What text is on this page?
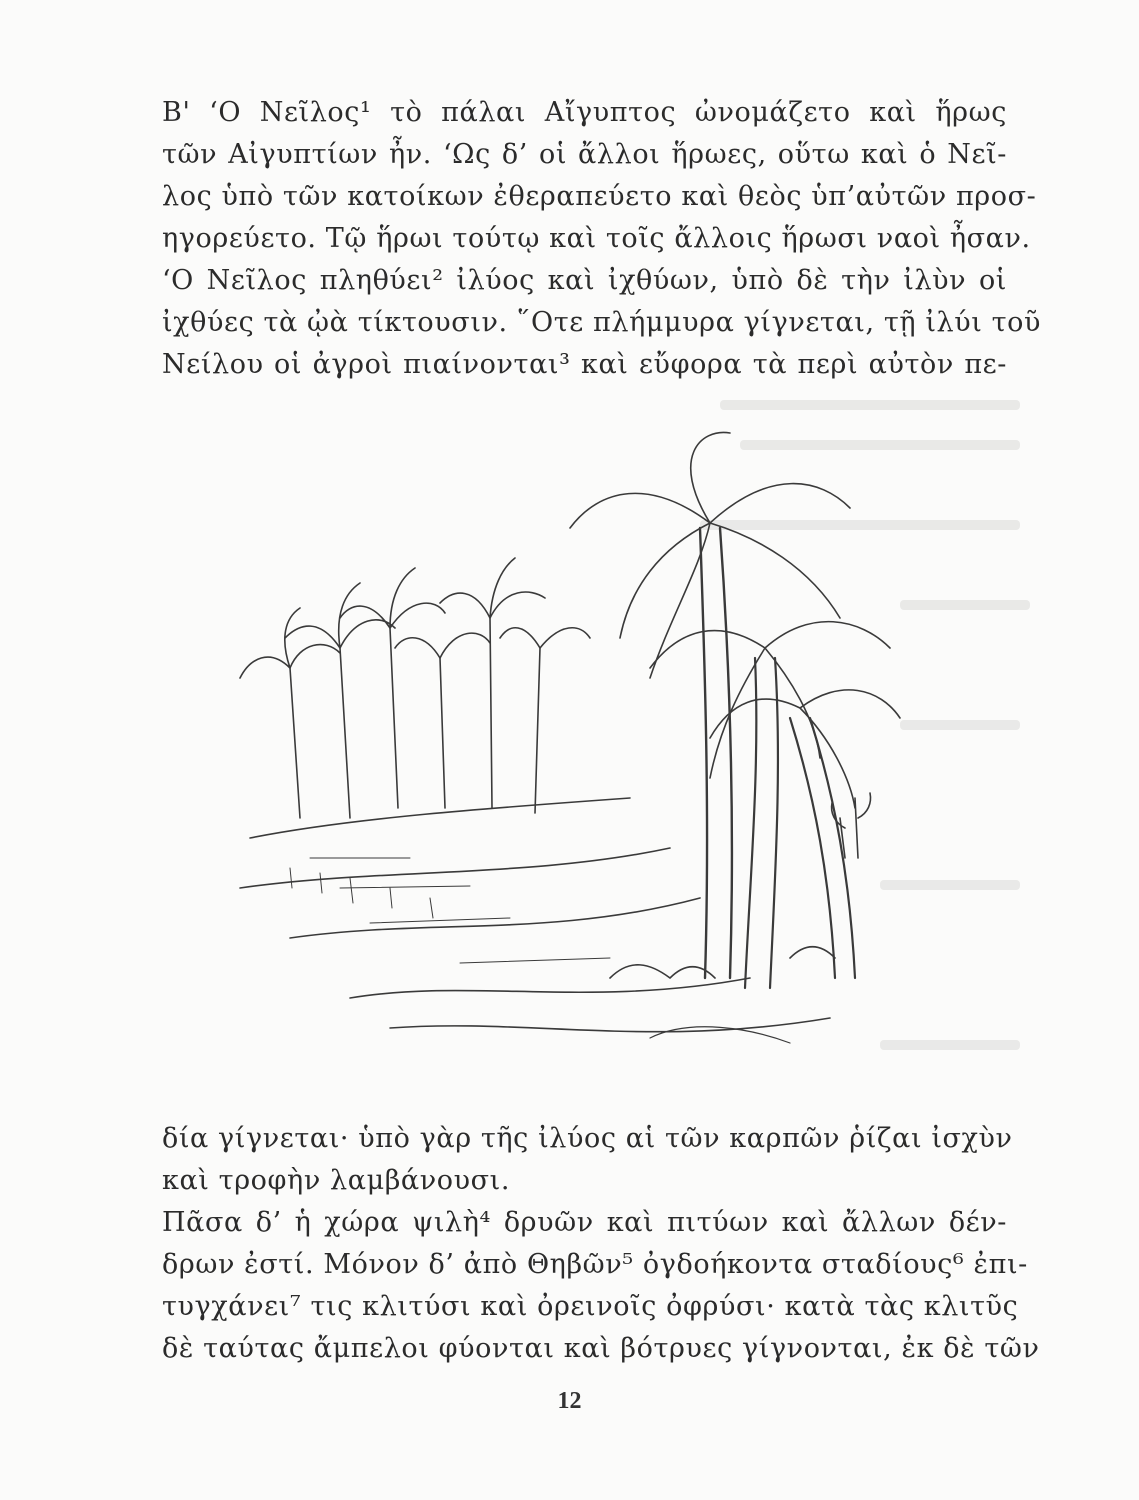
Β' ‘Ο Νεῖλος¹ τὸ πάλαι Αἴγυπτος ὠνομάζετο καὶ ἥρως
τῶν Αἰγυπτίων ἦν. ‘Ως δ’ οἱ ἄλλοι ἥρωες, οὕτω καὶ ὁ Νεῖ-
λος ὑπὸ τῶν κατοίκων ἐθεραπεύετο καὶ θεὸς ὑπ’αὐτῶν προσ-
ηγορεύετο. Τῷ ἥρωι τούτῳ καὶ τοῖς ἄλλοις ἥρωσι ναοὶ ἦσαν.
‘Ο Νεῖλος πληθύει² ἰλύος καὶ ἰχθύων, ὑπὸ δὲ τὴν ἰλὺν οἱ
ἰχθύες τὰ ᾠὰ τίκτουσιν. ῞Οτε πλήμμυρα γίγνεται, τῇ ἰλύι τοῦ
Νείλου οἱ ἀγροὶ πιαίνονται³ καὶ εὔφορα τὰ περὶ αὐτὸν πε-
δία γίγνεται· ὑπὸ γὰρ τῆς ἰλύος αἱ τῶν καρπῶν ῥίζαι ἰσχὺν
καὶ τροφὴν λαμβάνουσι.
Πᾶσα δ’ ἡ χώρα ψιλὴ⁴ δρυῶν καὶ πιτύων καὶ ἄλλων δέν-
δρων ἐστί. Μόνον δ’ ἀπὸ Θηβῶν⁵ ὀγδοήκοντα σταδίους⁶ ἐπι-
τυγχάνει⁷ τις κλιτύσι καὶ ὀρεινοῖς ὀφρύσι· κατὰ τὰς κλιτῦς
δὲ ταύτας ἄμπελοι φύονται καὶ βότρυες γίγνονται, ἐκ δὲ τῶν
12
